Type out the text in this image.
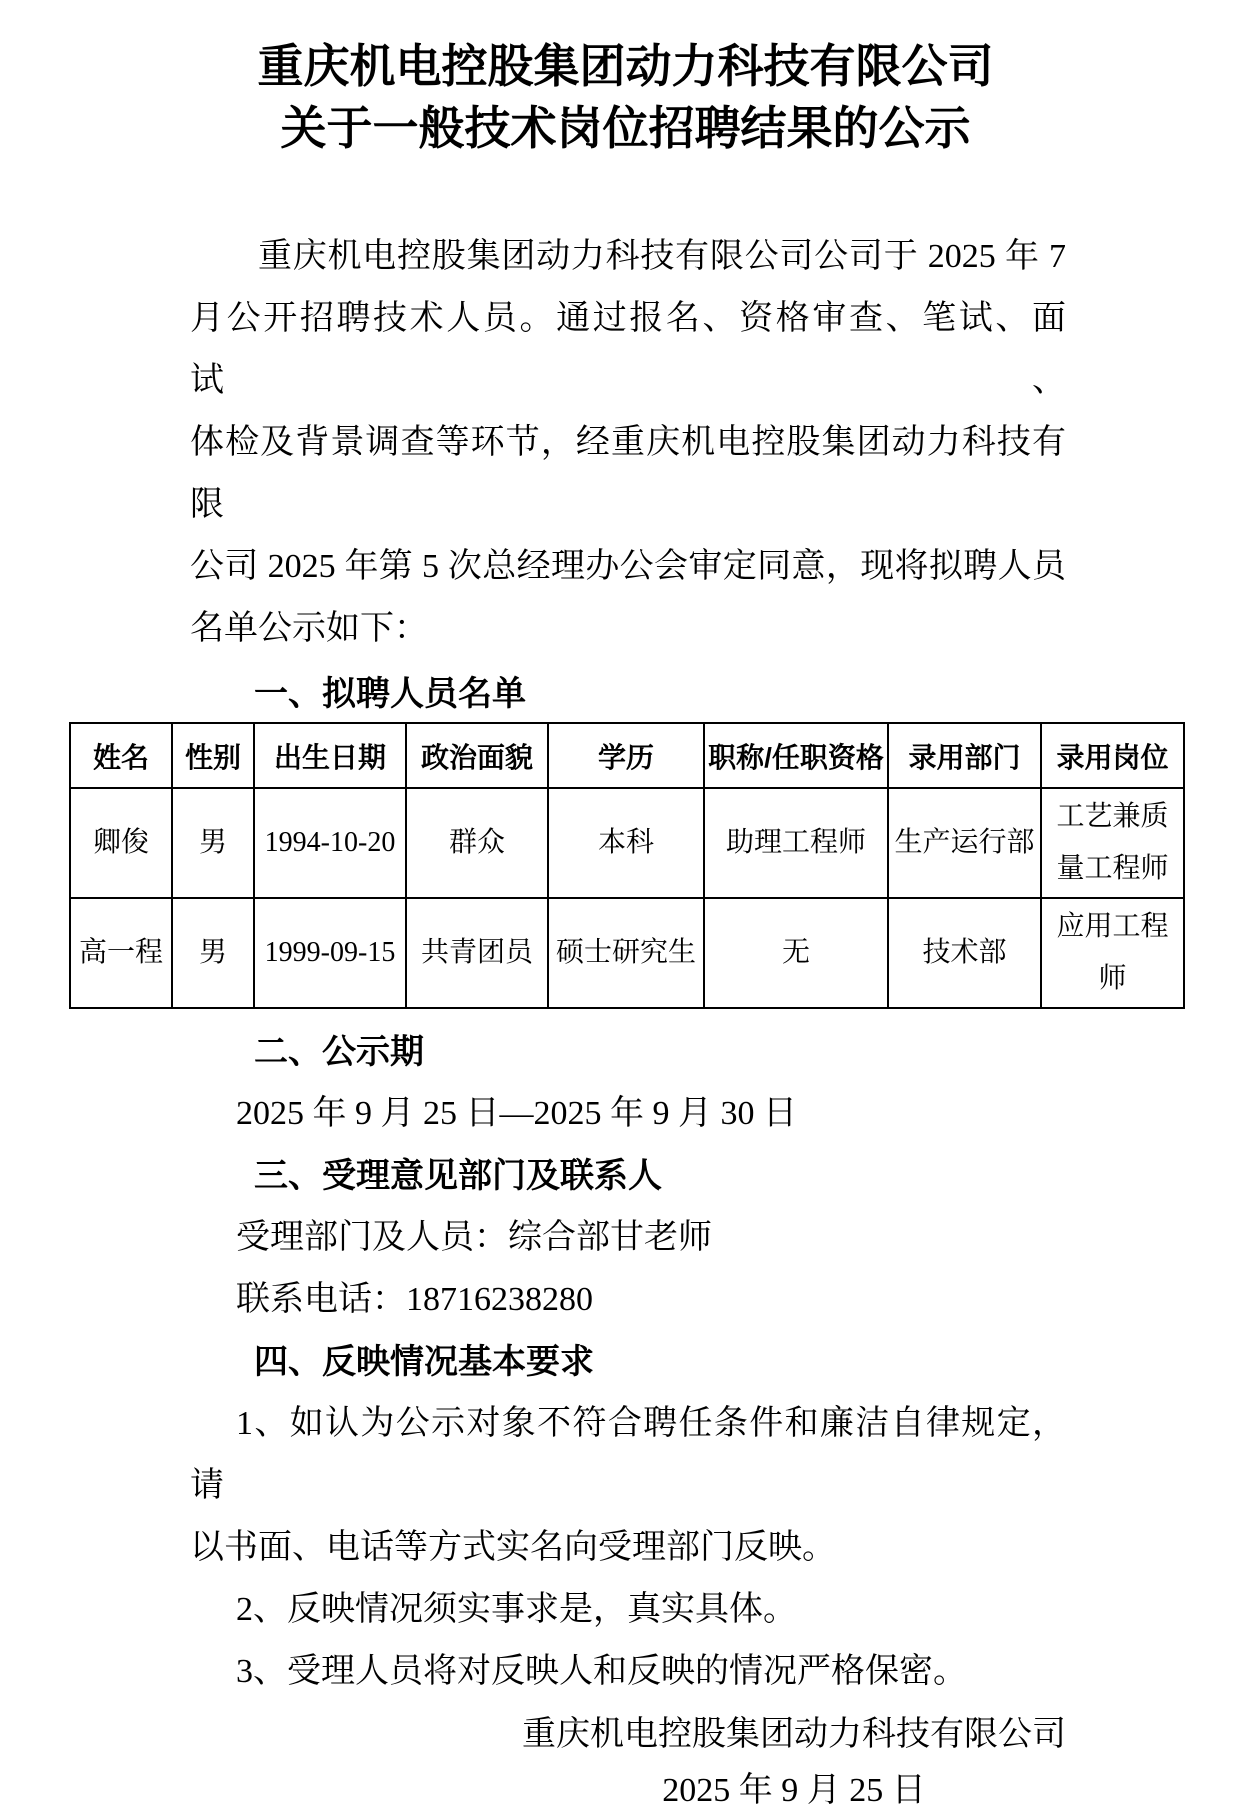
重庆机电控股集团动力科技有限公司
关于一般技术岗位招聘结果的公示
重庆机电控股集团动力科技有限公司公司于 2025 年 7
月公开招聘技术人员。通过报名、资格审查、笔试、面试、
体检及背景调查等环节，经重庆机电控股集团动力科技有限
公司 2025 年第 5 次总经理办公会审定同意，现将拟聘人员
名单公示如下：
一、拟聘人员名单
姓名	性别	出生日期	政治面貌	学历	职称/任职资格	录用部门	录用岗位
卿俊	男	1994-10-20	群众	本科	助理工程师	生产运行部	工艺兼质量工程师
高一程	男	1999-09-15	共青团员	硕士研究生	无	技术部	应用工程师
二、公示期
2025 年 9 月 25 日—2025 年 9 月 30 日
三、受理意见部门及联系人
受理部门及人员：综合部甘老师
联系电话：18716238280
四、反映情况基本要求
1、如认为公示对象不符合聘任条件和廉洁自律规定，请
以书面、电话等方式实名向受理部门反映。
2、反映情况须实事求是，真实具体。
3、受理人员将对反映人和反映的情况严格保密。
重庆机电控股集团动力科技有限公司
2025 年 9 月 25 日
